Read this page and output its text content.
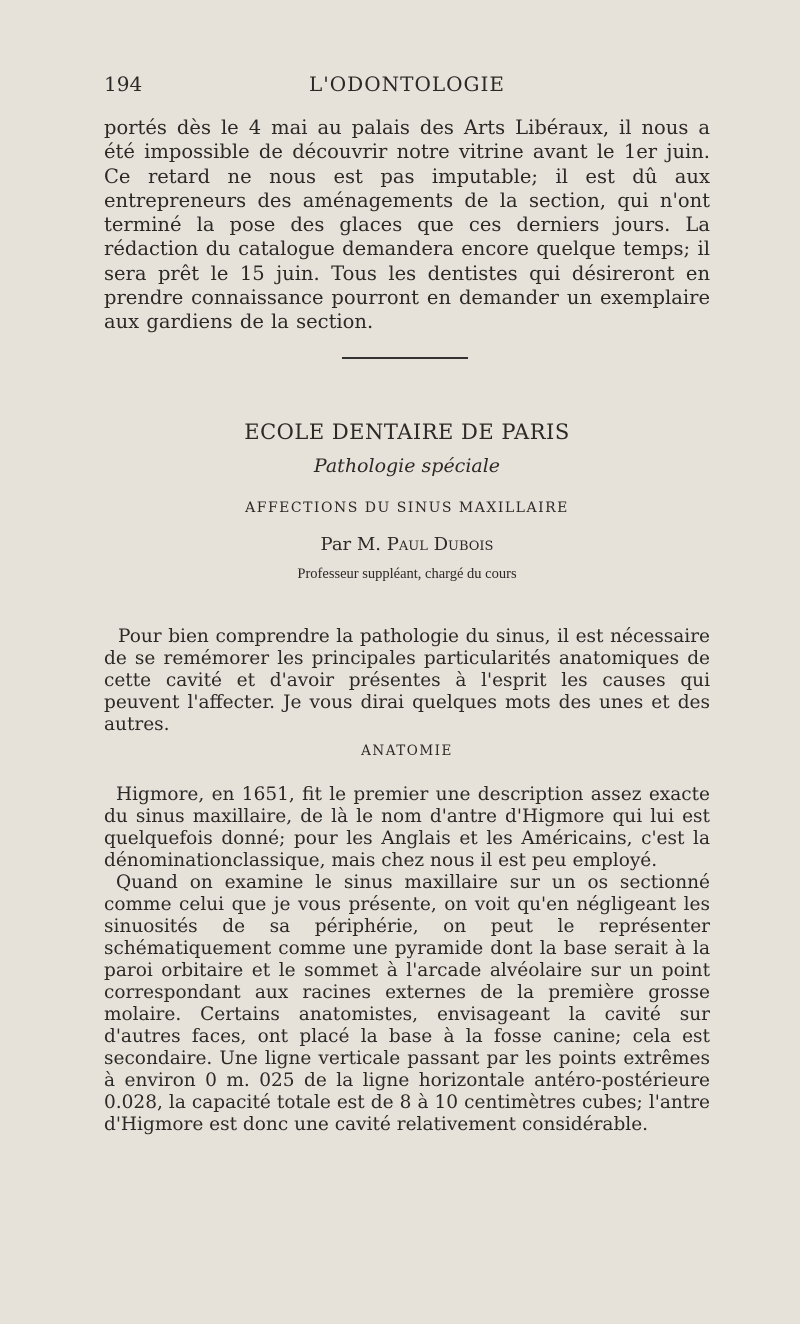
194	L'ODONTOLOGIE

portés dès le 4 mai au palais des Arts Libéraux, il nous a été impossible de découvrir notre vitrine avant le 1er juin. Ce retard ne nous est pas imputable; il est dû aux entrepreneurs des aménagements de la section, qui n'ont terminé la pose des glaces que ces derniers jours. La rédaction du catalogue demandera encore quelque temps; il sera prêt le 15 juin. Tous les dentistes qui désireront en prendre connaissance pourront en demander un exemplaire aux gardiens de la section.

ECOLE DENTAIRE DE PARIS
Pathologie spéciale
AFFECTIONS DU SINUS MAXILLAIRE
Par M. Paul Dubois
Professeur suppléant, chargé du cours

Pour bien comprendre la pathologie du sinus, il est nécessaire de se remémorer les principales particularités anatomiques de cette cavité et d'avoir présentes à l'esprit les causes qui peuvent l'affecter. Je vous dirai quelques mots des unes et des autres.

ANATOMIE

Higmore, en 1651, fit le premier une description assez exacte du sinus maxillaire, de là le nom d'antre d'Higmore qui lui est quelquefois donné; pour les Anglais et les Américains, c'est la dénominationclassique, mais chez nous il est peu employé.

Quand on examine le sinus maxillaire sur un os sectionné comme celui que je vous présente, on voit qu'en négligeant les sinuosités de sa périphérie, on peut le représenter schématiquement comme une pyramide dont la base serait à la paroi orbitaire et le sommet à l'arcade alvéolaire sur un point correspondant aux racines externes de la première grosse molaire. Certains anatomistes, envisageant la cavité sur d'autres faces, ont placé la base à la fosse canine; cela est secondaire. Une ligne verticale passant par les points extrêmes à environ 0 m. 025 de la ligne horizontale antéro-postérieure 0.028, la capacité totale est de 8 à 10 centimètres cubes; l'antre d'Higmore est donc une cavité relativement considérable.
